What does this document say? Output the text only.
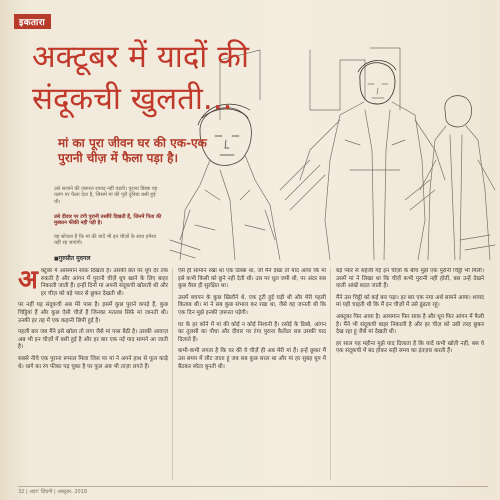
इकतारा
अक्टूबर में यादों की संदूकची खुलती...

मां का पूरा जीवन घर की एक-एक पुरानी चीज़ में फैला पड़ा है।

उसे सजाने की ज़रूरत शायद नहीं पड़ती। पुराना डिब्बा वह पलंग पर फैला देता है, जिसमें मां की पूरी दुनिया बसी हुई थी।
उसे दीवार पर टंगी पुरानी तस्वीरें दिखती हैं, जिनमें पिता की मुस्कान फीकी नहीं पड़ी है।
वह सोचता है कि मां की यादें भी इन चीज़ों के साथ हमेशा यहीं रह जाएंगी।
■ गुरुप्रीत मुदगल

अक्टूबर में आसमान साफ़ दिखता है। उसकी छत पर धूप देर तक रुकती है और आंगन में पुरानी चीज़ें धूप खाने के लिए बाहर निकाली जाती हैं। इन्हीं दिनों मां अपनी संदूकची खोलती थी और हर चीज़ को बड़े प्यार से छूकर देखती थी।

पर नहीं यह संदूकची अब मेरे पास है। इसमें कुछ पुराने कपड़े हैं, कुछ चिट्ठियां हैं और कुछ ऐसी चीज़ें हैं जिनका मतलब सिर्फ़ मां जानती थी। उनकी हर तह में एक कहानी छिपी हुई है।

पहली बार जब मैंने इसे खोला तो लगा जैसे मां पास बैठी है। उसकी आवाज़ अब भी इन चीज़ों में बसी हुई है और हर बार एक नई याद सामने आ जाती है।

सबसे नीचे एक पुराना रूमाल मिला जिस पर मां ने अपने हाथ से फूल काढ़े थे। धागे का रंग फीका पड़ चुका है पर फूल अब भी ताज़ा लगते हैं।

ऐसे ही सामान रखा था एक डिब्बा था, जो मैंने देखा तो याद आया कि मां इसे कभी किसी को छूने नहीं देती थी। उस पर धूल जमी थी, पर अंदर सब कुछ वैसा ही सुरक्षित था।

उसमें बचपन के कुछ खिलौने थे, एक टूटी हुई घड़ी थी और मेरी पहली किताब थी। मां ने सब कुछ संभाल कर रखा था, जैसे वह जानती थी कि एक दिन मुझे इनकी ज़रूरत पड़ेगी।

घर के हर कोने में मां की कोई न कोई निशानी है। रसोई के डिब्बे, आंगन का तुलसी का पौधा और दीवार पर टंगा पुराना कैलेंडर सब उसकी याद दिलाते हैं।

कभी-कभी लगता है कि घर की ये चीज़ें ही अब मेरी मां हैं। इन्हें छूकर मैं उस समय में लौट जाता हूं जब सब कुछ सरल था और मां हर सुबह धूप में बैठकर स्वेटर बुनती थी।

बड़े प्यार से सहेजी गई इन चीज़ों के बीच मुझे एक पुरानी चिट्ठी भी मिली। उसमें मां ने लिखा था कि चीज़ें कभी पुरानी नहीं होतीं, बस उन्हें देखने वाली आंखें बदल जाती हैं।

मैंने उस चिट्ठी को कई बार पढ़ा। हर बार एक नया अर्थ सामने आया। शायद मां यही चाहती थी कि मैं इन चीज़ों में उसे ढूंढता रहूं।

अक्टूबर फिर आया है। आसमान फिर साफ़ है और धूप फिर आंगन में फैली है। मैंने भी संदूकची बाहर निकाली है और हर चीज़ को उसी तरह छूकर देख रहा हूं जैसे मां देखती थी।

हर साल यह महीना मुझे याद दिलाता है कि यादें कभी खोती नहीं, बस वे एक संदूकची में बंद होकर सही समय का इंतज़ार करती हैं।

32 | अहा! ज़िंदगी | अक्टूबर, 2018
